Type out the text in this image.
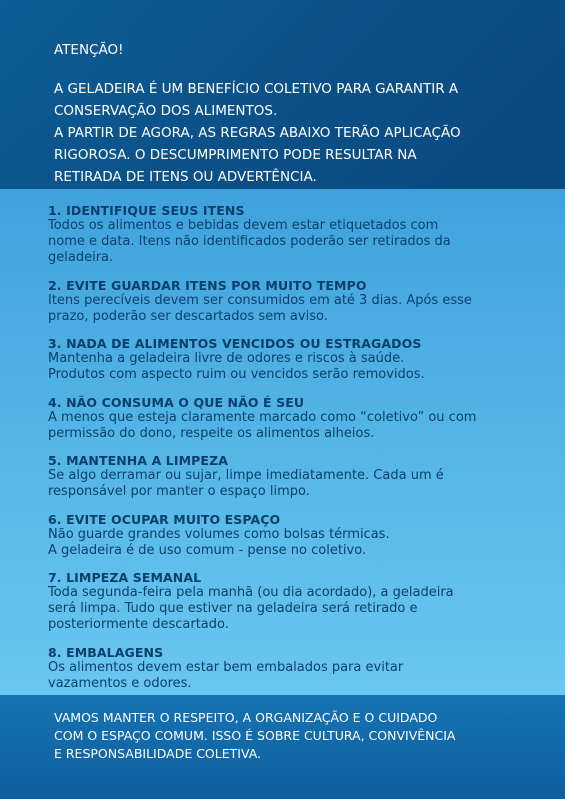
ATENÇÃO!
A GELADEIRA É UM BENEFÍCIO COLETIVO PARA GARANTIR A
CONSERVAÇÃO DOS ALIMENTOS.
A PARTIR DE AGORA, AS REGRAS ABAIXO TERÃO APLICAÇÃO
RIGOROSA. O DESCUMPRIMENTO PODE RESULTAR NA
RETIRADA DE ITENS OU ADVERTÊNCIA.
1. IDENTIFIQUE SEUS ITENS
Todos os alimentos e bebidas devem estar etiquetados com
nome e data. Itens não identificados poderão ser retirados da
geladeira.
2. EVITE GUARDAR ITENS POR MUITO TEMPO
Itens perecíveis devem ser consumidos em até 3 dias. Após esse
prazo, poderão ser descartados sem aviso.
3. NADA DE ALIMENTOS VENCIDOS OU ESTRAGADOS
Mantenha a geladeira livre de odores e riscos à saúde.
Produtos com aspecto ruim ou vencidos serão removidos.
4. NÃO CONSUMA O QUE NÃO É SEU
A menos que esteja claramente marcado como “coletivo” ou com
permissão do dono, respeite os alimentos alheios.
5. MANTENHA A LIMPEZA
Se algo derramar ou sujar, limpe imediatamente. Cada um é
responsável por manter o espaço limpo.
6. EVITE OCUPAR MUITO ESPAÇO
Não guarde grandes volumes como bolsas térmicas.
A geladeira é de uso comum - pense no coletivo.
7. LIMPEZA SEMANAL
Toda segunda-feira pela manhã (ou dia acordado), a geladeira
será limpa. Tudo que estiver na geladeira será retirado e
posteriormente descartado.
8. EMBALAGENS
Os alimentos devem estar bem embalados para evitar
vazamentos e odores.
VAMOS MANTER O RESPEITO, A ORGANIZAÇÃO E O CUIDADO
COM O ESPAÇO COMUM. ISSO É SOBRE CULTURA, CONVIVÊNCIA
E RESPONSABILIDADE COLETIVA.
